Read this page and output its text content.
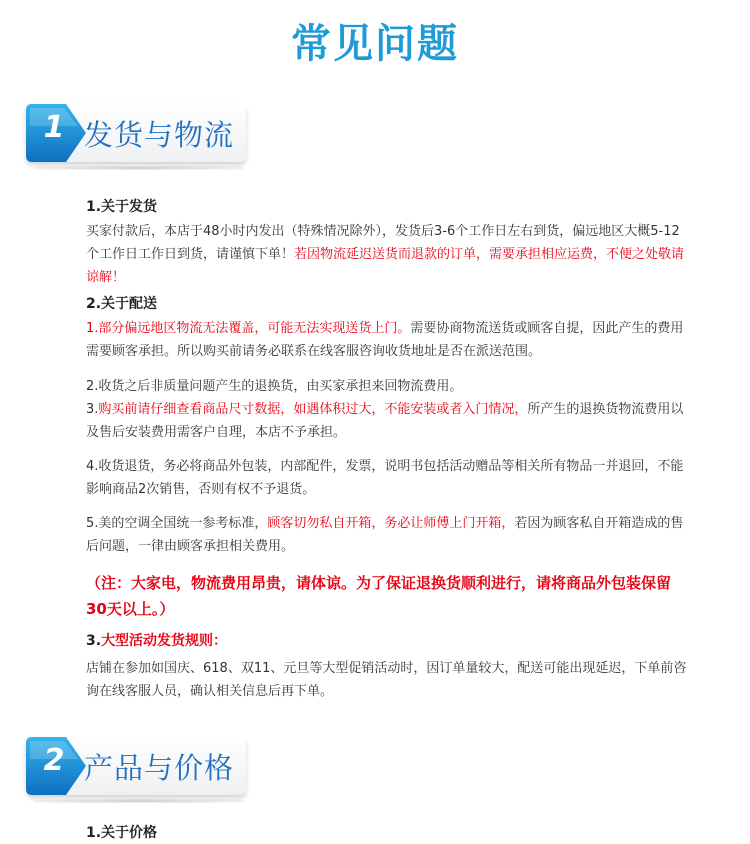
常见问题
1 发货与物流
1.关于发货

买家付款后，本店于48小时内发出（特殊情况除外），发货后3-6个工作日左右到货，偏远地区大概5-12个工作日工作日到货，请谨慎下单！若因物流延迟送货而退款的订单，需要承担相应运费，不便之处敬请谅解！

2.关于配送

1.部分偏远地区物流无法覆盖，可能无法实现送货上门。需要协商物流送货或顾客自提，因此产生的费用需要顾客承担。所以购买前请务必联系在线客服咨询收货地址是否在派送范围。

2.收货之后非质量问题产生的退换货，由买家承担来回物流费用。

3.购买前请仔细查看商品尺寸数据，如遇体积过大，不能安装或者入门情况，所产生的退换货物流费用以及售后安装费用需客户自理，本店不予承担。

4.收货退货，务必将商品外包装，内部配件，发票，说明书包括活动赠品等相关所有物品一并退回，不能影响商品2次销售，否则有权不予退货。

5.美的空调全国统一参考标准，顾客切勿私自开箱，务必让师傅上门开箱，若因为顾客私自开箱造成的售后问题，一律由顾客承担相关费用。

（注：大家电，物流费用昂贵，请体谅。为了保证退换货顺利进行，请将商品外包装保留30天以上。）

3.大型活动发货规则：

店铺在参加如国庆、618、双11、元旦等大型促销活动时，因订单量较大，配送可能出现延迟，下单前咨询在线客服人员，确认相关信息后再下单。

2 产品与价格
1.关于价格
